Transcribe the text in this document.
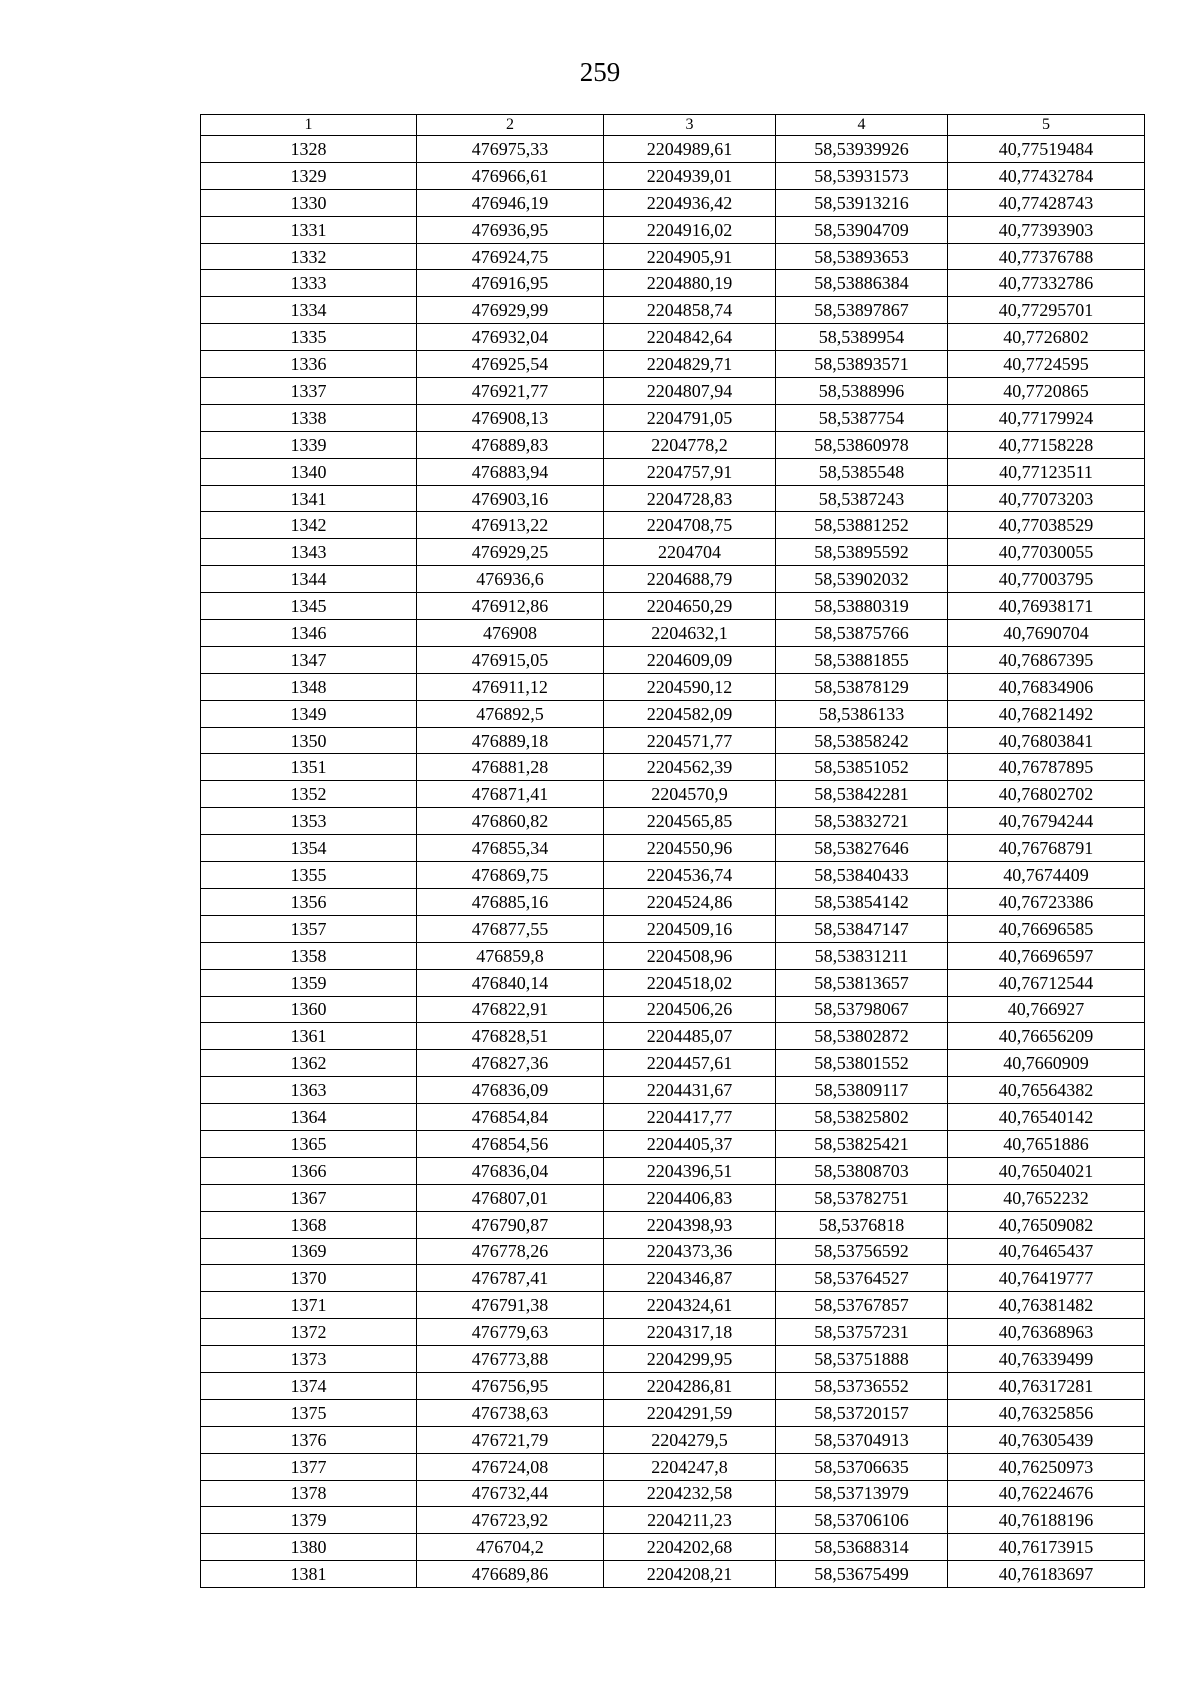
259
1	2	3	4	5
1328	476975,33	2204989,61	58,53939926	40,77519484
1329	476966,61	2204939,01	58,53931573	40,77432784
1330	476946,19	2204936,42	58,53913216	40,77428743
1331	476936,95	2204916,02	58,53904709	40,77393903
1332	476924,75	2204905,91	58,53893653	40,77376788
1333	476916,95	2204880,19	58,53886384	40,77332786
1334	476929,99	2204858,74	58,53897867	40,77295701
1335	476932,04	2204842,64	58,5389954	40,7726802
1336	476925,54	2204829,71	58,53893571	40,7724595
1337	476921,77	2204807,94	58,5388996	40,7720865
1338	476908,13	2204791,05	58,5387754	40,77179924
1339	476889,83	2204778,2	58,53860978	40,77158228
1340	476883,94	2204757,91	58,5385548	40,77123511
1341	476903,16	2204728,83	58,5387243	40,77073203
1342	476913,22	2204708,75	58,53881252	40,77038529
1343	476929,25	2204704	58,53895592	40,77030055
1344	476936,6	2204688,79	58,53902032	40,77003795
1345	476912,86	2204650,29	58,53880319	40,76938171
1346	476908	2204632,1	58,53875766	40,7690704
1347	476915,05	2204609,09	58,53881855	40,76867395
1348	476911,12	2204590,12	58,53878129	40,76834906
1349	476892,5	2204582,09	58,5386133	40,76821492
1350	476889,18	2204571,77	58,53858242	40,76803841
1351	476881,28	2204562,39	58,53851052	40,76787895
1352	476871,41	2204570,9	58,53842281	40,76802702
1353	476860,82	2204565,85	58,53832721	40,76794244
1354	476855,34	2204550,96	58,53827646	40,76768791
1355	476869,75	2204536,74	58,53840433	40,7674409
1356	476885,16	2204524,86	58,53854142	40,76723386
1357	476877,55	2204509,16	58,53847147	40,76696585
1358	476859,8	2204508,96	58,53831211	40,76696597
1359	476840,14	2204518,02	58,53813657	40,76712544
1360	476822,91	2204506,26	58,53798067	40,766927
1361	476828,51	2204485,07	58,53802872	40,76656209
1362	476827,36	2204457,61	58,53801552	40,7660909
1363	476836,09	2204431,67	58,53809117	40,76564382
1364	476854,84	2204417,77	58,53825802	40,76540142
1365	476854,56	2204405,37	58,53825421	40,7651886
1366	476836,04	2204396,51	58,53808703	40,76504021
1367	476807,01	2204406,83	58,53782751	40,7652232
1368	476790,87	2204398,93	58,5376818	40,76509082
1369	476778,26	2204373,36	58,53756592	40,76465437
1370	476787,41	2204346,87	58,53764527	40,76419777
1371	476791,38	2204324,61	58,53767857	40,76381482
1372	476779,63	2204317,18	58,53757231	40,76368963
1373	476773,88	2204299,95	58,53751888	40,76339499
1374	476756,95	2204286,81	58,53736552	40,76317281
1375	476738,63	2204291,59	58,53720157	40,76325856
1376	476721,79	2204279,5	58,53704913	40,76305439
1377	476724,08	2204247,8	58,53706635	40,76250973
1378	476732,44	2204232,58	58,53713979	40,76224676
1379	476723,92	2204211,23	58,53706106	40,76188196
1380	476704,2	2204202,68	58,53688314	40,76173915
1381	476689,86	2204208,21	58,53675499	40,76183697
